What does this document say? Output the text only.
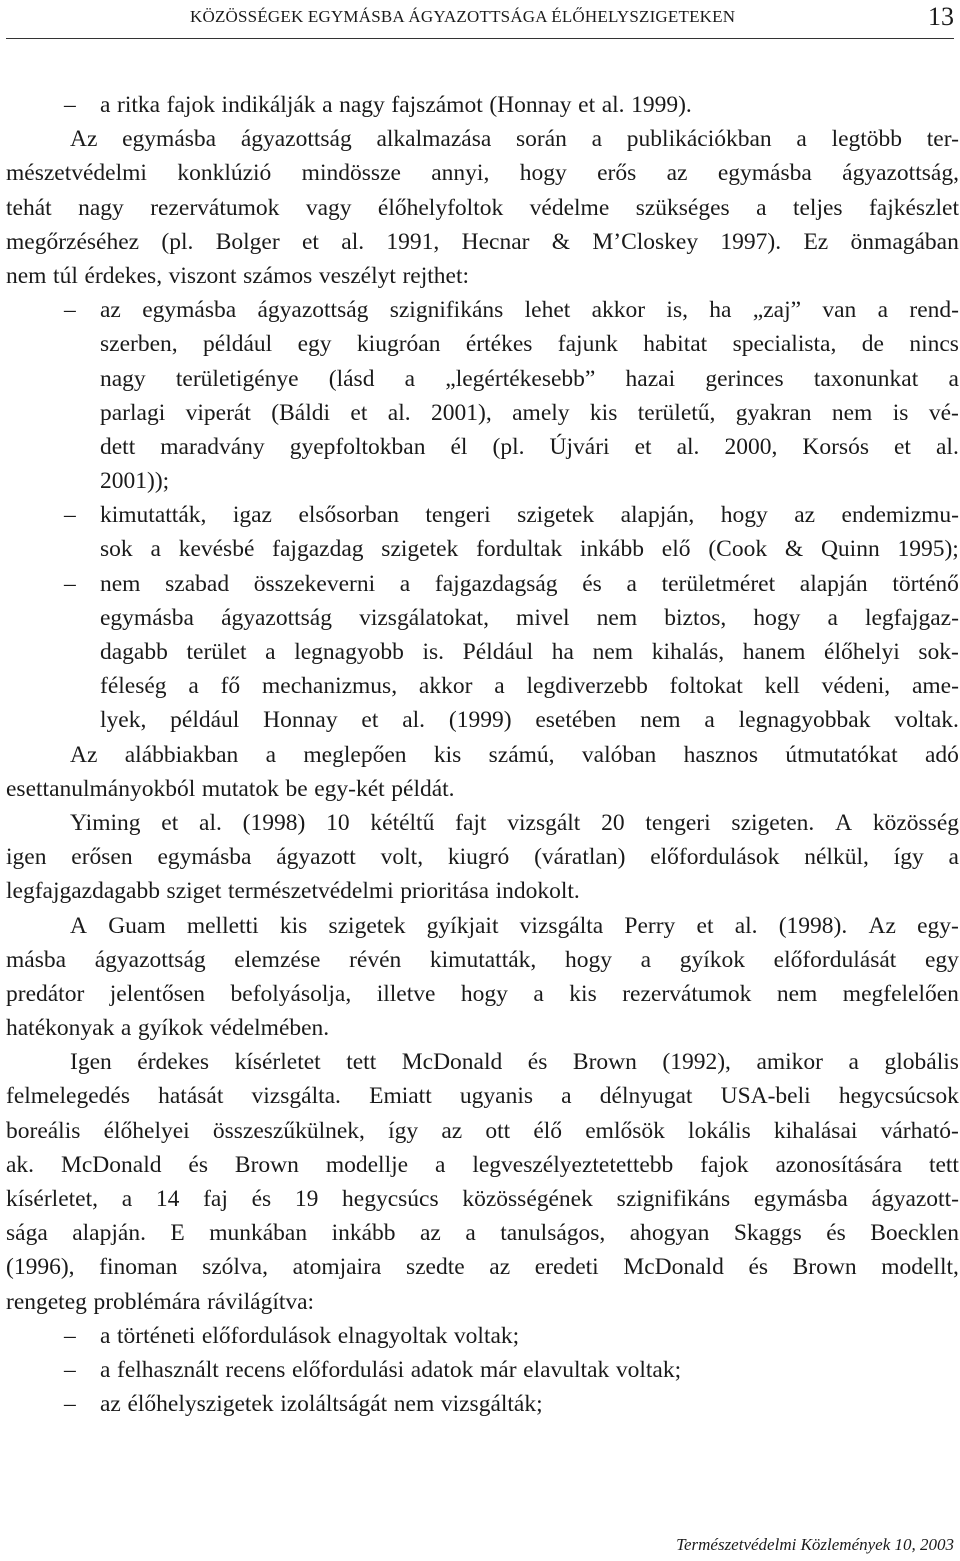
KÖZÖSSÉGEK EGYMÁSBA ÁGYAZOTTSÁGA ÉLŐHELYSZIGETEKEN	13
– a ritka fajok indikálják a nagy fajszámot (Honnay et al. 1999).
Az egymásba ágyazottság alkalmazása során a publikációkban a legtöbb ter-
mészetvédelmi konklúzió mindössze annyi, hogy erős az egymásba ágyazottság,
tehát nagy rezervátumok vagy élőhelyfoltok védelme szükséges a teljes fajkészlet
megőrzéséhez (pl. Bolger et al. 1991, Hecnar & M’Closkey 1997). Ez önmagában
nem túl érdekes, viszont számos veszélyt rejthet:
– az egymásba ágyazottság szignifikáns lehet akkor is, ha „zaj” van a rend-
szerben, például egy kiugróan értékes fajunk habitat specialista, de nincs
nagy területigénye (lásd a „legértékesebb” hazai gerinces taxonunkat a
parlagi viperát (Báldi et al. 2001), amely kis területű, gyakran nem is vé-
dett maradvány gyepfoltokban él (pl. Újvári et al. 2000, Korsós et al.
2001));
– kimutatták, igaz elsősorban tengeri szigetek alapján, hogy az endemizmu-
sok a kevésbé fajgazdag szigetek fordultak inkább elő (Cook & Quinn 1995);
– nem szabad összekeverni a fajgazdagság és a területméret alapján történő
egymásba ágyazottság vizsgálatokat, mivel nem biztos, hogy a legfajgaz-
dagabb terület a legnagyobb is. Például ha nem kihalás, hanem élőhelyi sok-
féleség a fő mechanizmus, akkor a legdiverzebb foltokat kell védeni, ame-
lyek, például Honnay et al. (1999) esetében nem a legnagyobbak voltak.
Az alábbiakban a meglepően kis számú, valóban hasznos útmutatókat adó
esettanulmányokból mutatok be egy-két példát.
Yiming et al. (1998) 10 kétéltű fajt vizsgált 20 tengeri szigeten. A közösség
igen erősen egymásba ágyazott volt, kiugró (váratlan) előfordulások nélkül, így a
legfajgazdagabb sziget természetvédelmi prioritása indokolt.
A Guam melletti kis szigetek gyíkjait vizsgálta Perry et al. (1998). Az egy-
másba ágyazottság elemzése révén kimutatták, hogy a gyíkok előfordulását egy
predátor jelentősen befolyásolja, illetve hogy a kis rezervátumok nem megfelelően
hatékonyak a gyíkok védelmében.
Igen érdekes kísérletet tett McDonald és Brown (1992), amikor a globális
felmelegedés hatását vizsgálta. Emiatt ugyanis a délnyugat USA-beli hegycsúcsok
boreális élőhelyei összeszűkülnek, így az ott élő emlősök lokális kihalásai várható-
ak. McDonald és Brown modellje a legveszélyeztetettebb fajok azonosítására tett
kísérletet, a 14 faj és 19 hegycsúcs közösségének szignifikáns egymásba ágyazott-
sága alapján. E munkában inkább az a tanulságos, ahogyan Skaggs és Boecklen
(1996), finoman szólva, atomjaira szedte az eredeti McDonald és Brown modellt,
rengeteg problémára rávilágítva:
– a történeti előfordulások elnagyoltak voltak;
– a felhasznált recens előfordulási adatok már elavultak voltak;
– az élőhelyszigetek izoláltságát nem vizsgálták;
Természetvédelmi Közlemények 10, 2003
